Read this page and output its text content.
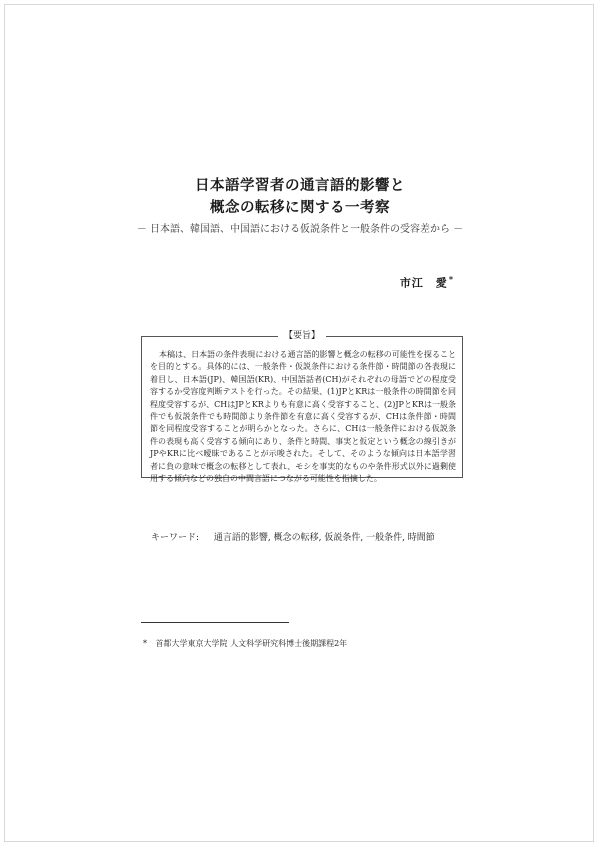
日本語学習者の通言語的影響と
概念の転移に関する一考察

－ 日本語、韓国語、中国語における仮説条件と一般条件の受容差から －

市江　愛*
【要旨】

本稿は、日本語の条件表現における通言語的影響と概念の転移の可能性を探ることを目的とする。具体的には、一般条件・仮説条件における条件節・時間節の各表現に着目し、日本語(JP)、韓国語(KR)、中国語話者(CH)がそれぞれの母語でどの程度受容するか受容度判断テストを行った。その結果、(1)JPとKRは一般条件の時間節を同程度受容するが、CHはJPとKRよりも有意に高く受容すること、(2)JPとKRは一般条件でも仮説条件でも時間節より条件節を有意に高く受容するが、CHは条件節・時間節を同程度受容することが明らかとなった。さらに、CHは一般条件における仮説条件の表現も高く受容する傾向にあり、条件と時間、事実と仮定という概念の線引きがJPやKRに比べ曖昧であることが示唆された。そして、そのような傾向は日本語学習者に負の意味で概念の転移として表れ、モシを事実的なものや条件形式以外に過剰使用する傾向などの独自の中間言語につながる可能性を指摘した。

キーワード: 通言語的影響, 概念の転移, 仮説条件, 一般条件, 時間節
* 首都大学東京大学院 人文科学研究科博士後期課程2年
